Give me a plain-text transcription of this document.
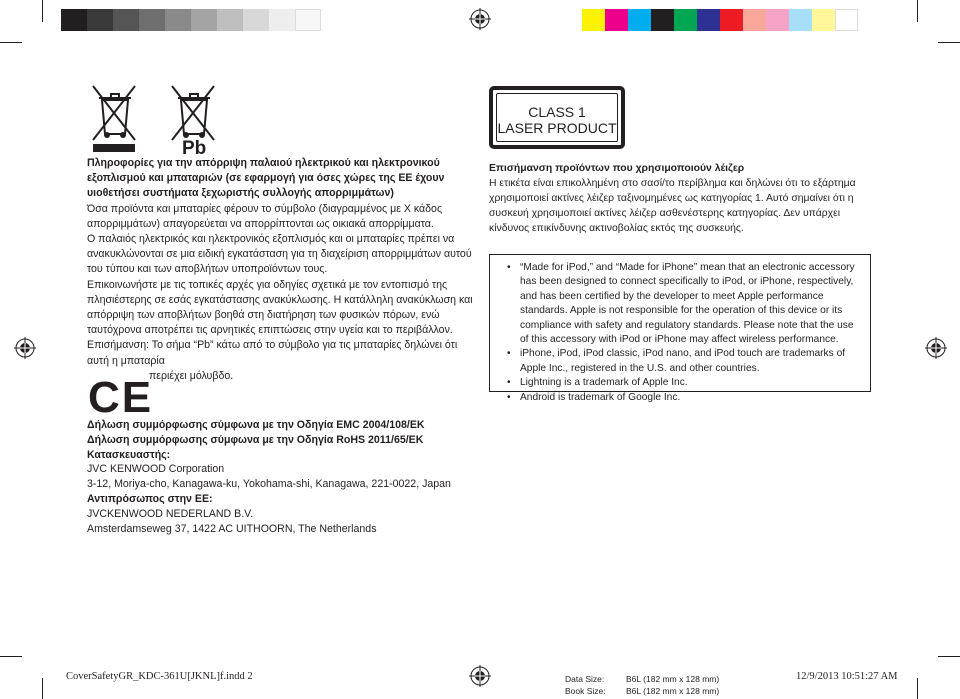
Pb

Πληροφορίες για την απόρριψη παλαιού ηλεκτρικού και ηλεκτρονικού εξοπλισμού και μπαταριών (σε εφαρμογή για όσες χώρες της ΕΕ έχουν υιοθετήσει συστήματα ξεχωριστής συλλογής απορριμμάτων)

Όσα προϊόντα και μπαταρίες φέρουν το σύμβολο (διαγραμμένος με Χ κάδος απορριμμάτων) απαγορεύεται να απορρίπτονται ως οικιακά απορρίμματα.

Ο παλαιός ηλεκτρικός και ηλεκτρονικός εξοπλισμός και οι μπαταρίες πρέπει να ανακυκλώνονται σε μια ειδική εγκατάσταση για τη διαχείριση απορριμμάτων αυτού του τύπου και των αποβλήτων υποπροϊόντων τους.

Επικοινωνήστε με τις τοπικές αρχές για οδηγίες σχετικά με τον εντοπισμό της πλησιέστερης σε εσάς εγκατάστασης ανακύκλωσης. Η κατάλληλη ανακύκλωση και απόρριψη των αποβλήτων βοηθά στη διατήρηση των φυσικών πόρων, ενώ ταυτόχρονα αποτρέπει τις αρνητικές επιπτώσεις στην υγεία και το περιβάλλον.

Επισήμανση: Το σήμα “Pb” κάτω από το σύμβολο για τις μπαταρίες δηλώνει ότι αυτή η μπαταρία

περιέχει μόλυβδο.

CE

Δήλωση συμμόρφωσης σύμφωνα με την Οδηγία EMC 2004/108/ΕΚ

Δήλωση συμμόρφωσης σύμφωνα με την Οδηγία RoHS 2011/65/ΕΚ

Κατασκευαστής:

JVC KENWOOD Corporation

3-12, Moriya-cho, Kanagawa-ku, Yokohama-shi, Kanagawa, 221-0022, Japan

Αντιπρόσωπος στην ΕΕ:

JVCKENWOOD NEDERLAND B.V.

Amsterdamseweg 37, 1422 AC UITHOORN, The Netherlands

CLASS 1
LASER PRODUCT

Επισήμανση προϊόντων που χρησιμοποιούν λέιζερ

Η ετικέτα είναι επικολλημένη στο σασί/το περίβλημα και δηλώνει ότι το εξάρτημα χρησιμοποιεί ακτίνες λέιζερ ταξινομημένες ως κατηγορίας 1. Αυτό σημαίνει ότι η συσκευή χρησιμοποιεί ακτίνες λέιζερ ασθενέστερης κατηγορίας. Δεν υπάρχει κίνδυνος επικίνδυνης ακτινοβολίας εκτός της συσκευής.

• “Made for iPod,” and “Made for iPhone” mean that an electronic accessory has been designed to connect specifically to iPod, or iPhone, respectively, and has been certified by the developer to meet Apple performance standards. Apple is not responsible for the operation of this device or its compliance with safety and regulatory standards. Please note that the use of this accessory with iPod or iPhone may affect wireless performance.
• iPhone, iPod, iPod classic, iPod nano, and iPod touch are trademarks of Apple Inc., registered in the U.S. and other countries.
• Lightning is a trademark of Apple Inc.
• Android is trademark of Google Inc.
CoverSafetyGR_KDC-361U[JKNL]f.indd 2	Data Size:
Book Size:
B6L (182 mm x 128 mm)
B6L (182 mm x 128 mm)
12/9/2013 10:51:27 AM
